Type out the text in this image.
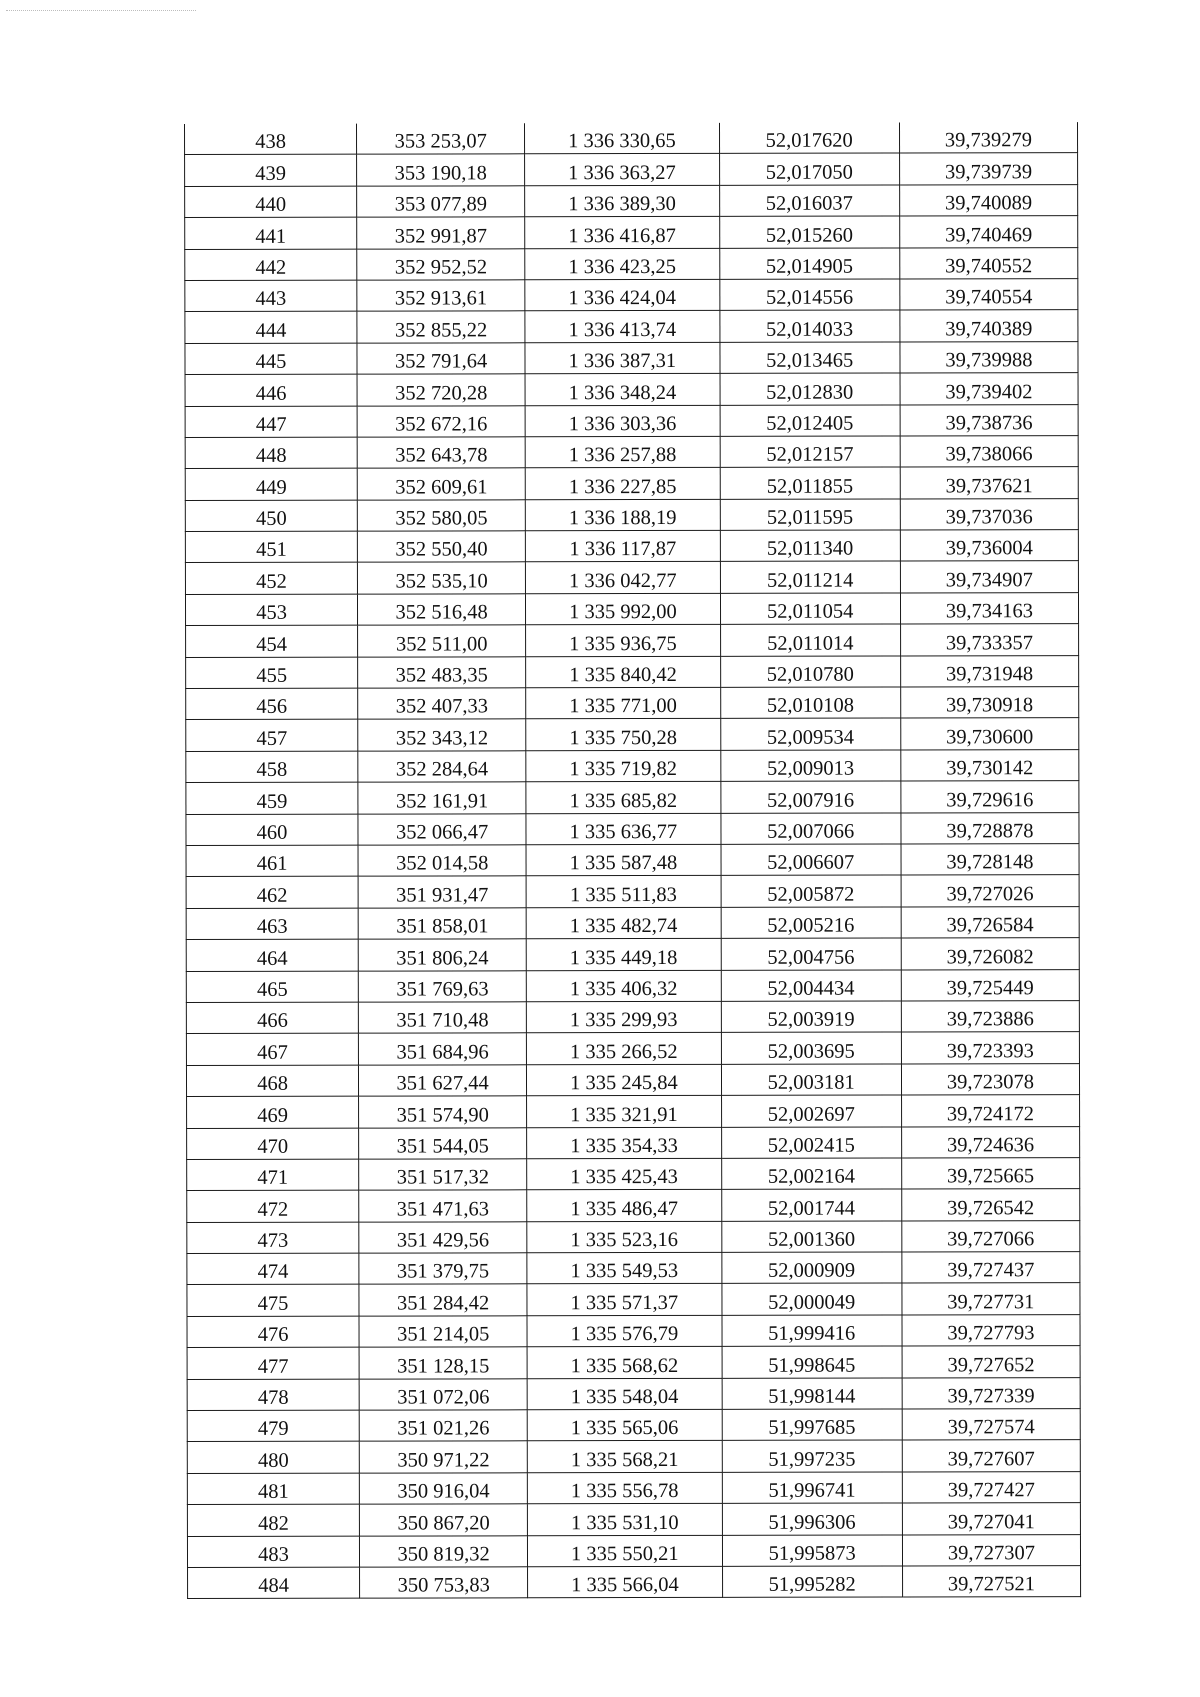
438	353 253,07	1 336 330,65	52,017620	39,739279
439	353 190,18	1 336 363,27	52,017050	39,739739
440	353 077,89	1 336 389,30	52,016037	39,740089
441	352 991,87	1 336 416,87	52,015260	39,740469
442	352 952,52	1 336 423,25	52,014905	39,740552
443	352 913,61	1 336 424,04	52,014556	39,740554
444	352 855,22	1 336 413,74	52,014033	39,740389
445	352 791,64	1 336 387,31	52,013465	39,739988
446	352 720,28	1 336 348,24	52,012830	39,739402
447	352 672,16	1 336 303,36	52,012405	39,738736
448	352 643,78	1 336 257,88	52,012157	39,738066
449	352 609,61	1 336 227,85	52,011855	39,737621
450	352 580,05	1 336 188,19	52,011595	39,737036
451	352 550,40	1 336 117,87	52,011340	39,736004
452	352 535,10	1 336 042,77	52,011214	39,734907
453	352 516,48	1 335 992,00	52,011054	39,734163
454	352 511,00	1 335 936,75	52,011014	39,733357
455	352 483,35	1 335 840,42	52,010780	39,731948
456	352 407,33	1 335 771,00	52,010108	39,730918
457	352 343,12	1 335 750,28	52,009534	39,730600
458	352 284,64	1 335 719,82	52,009013	39,730142
459	352 161,91	1 335 685,82	52,007916	39,729616
460	352 066,47	1 335 636,77	52,007066	39,728878
461	352 014,58	1 335 587,48	52,006607	39,728148
462	351 931,47	1 335 511,83	52,005872	39,727026
463	351 858,01	1 335 482,74	52,005216	39,726584
464	351 806,24	1 335 449,18	52,004756	39,726082
465	351 769,63	1 335 406,32	52,004434	39,725449
466	351 710,48	1 335 299,93	52,003919	39,723886
467	351 684,96	1 335 266,52	52,003695	39,723393
468	351 627,44	1 335 245,84	52,003181	39,723078
469	351 574,90	1 335 321,91	52,002697	39,724172
470	351 544,05	1 335 354,33	52,002415	39,724636
471	351 517,32	1 335 425,43	52,002164	39,725665
472	351 471,63	1 335 486,47	52,001744	39,726542
473	351 429,56	1 335 523,16	52,001360	39,727066
474	351 379,75	1 335 549,53	52,000909	39,727437
475	351 284,42	1 335 571,37	52,000049	39,727731
476	351 214,05	1 335 576,79	51,999416	39,727793
477	351 128,15	1 335 568,62	51,998645	39,727652
478	351 072,06	1 335 548,04	51,998144	39,727339
479	351 021,26	1 335 565,06	51,997685	39,727574
480	350 971,22	1 335 568,21	51,997235	39,727607
481	350 916,04	1 335 556,78	51,996741	39,727427
482	350 867,20	1 335 531,10	51,996306	39,727041
483	350 819,32	1 335 550,21	51,995873	39,727307
484	350 753,83	1 335 566,04	51,995282	39,727521
